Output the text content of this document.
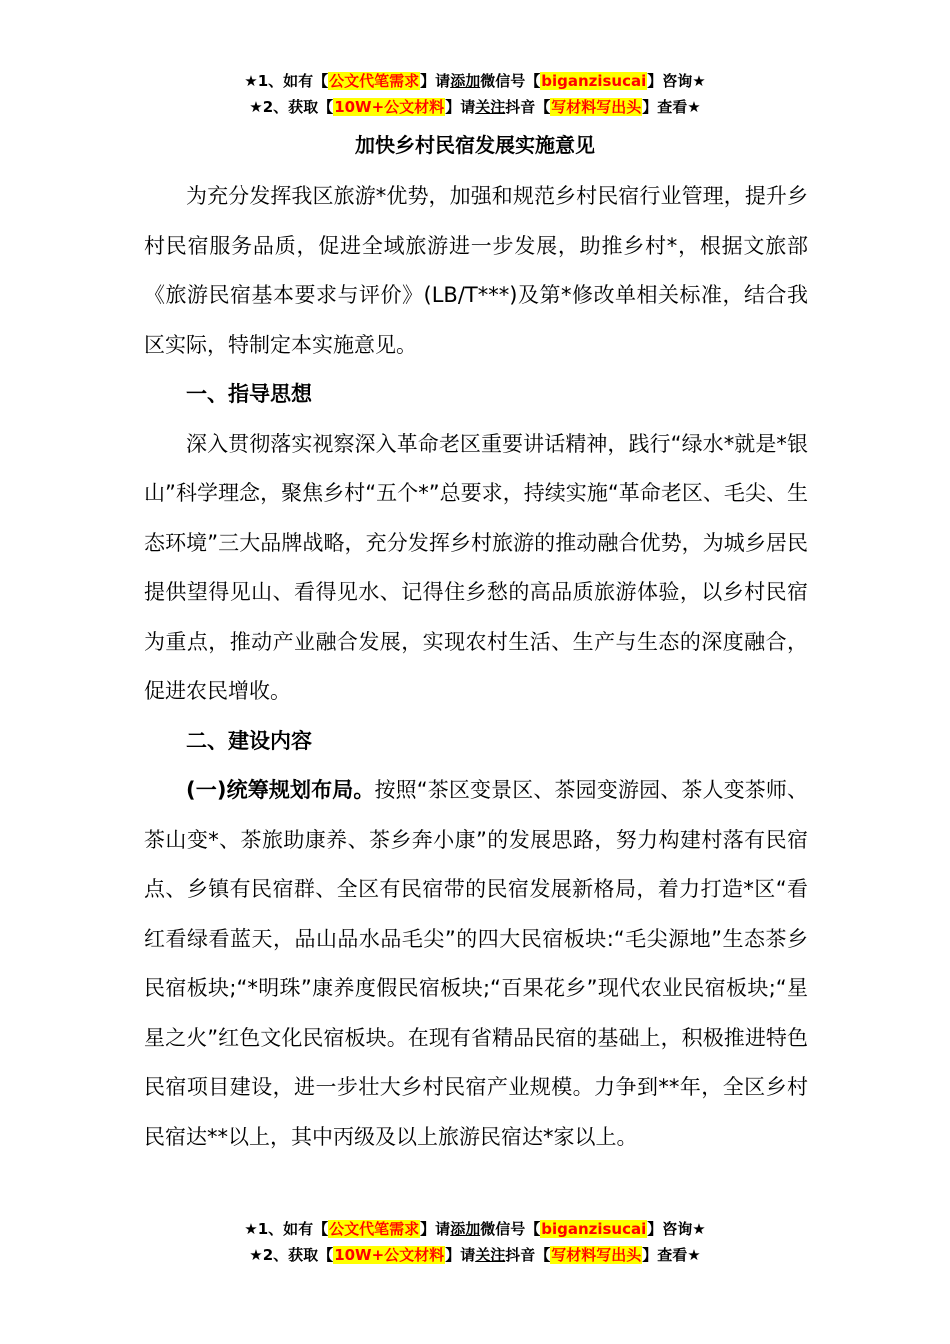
★1、如有【公文代笔需求】请添加微信号【biganzisucai】咨询★
★2、获取【10W+公文材料】请关注抖音【写材料写出头】查看★
加快乡村民宿发展实施意见

为充分发挥我区旅游*优势，加强和规范乡村民宿行业管理，提升乡村民宿服务品质，促进全域旅游进一步发展，助推乡村*，根据文旅部《旅游民宿基本要求与评价》(LB/T***)及第*修改单相关标准，结合我区实际，特制定本实施意见。

一、指导思想

深入贯彻落实视察深入革命老区重要讲话精神，践行“绿水*就是*银山”科学理念，聚焦乡村“五个*”总要求，持续实施“革命老区、毛尖、生态环境”三大品牌战略，充分发挥乡村旅游的推动融合优势，为城乡居民提供望得见山、看得见水、记得住乡愁的高品质旅游体验，以乡村民宿为重点，推动产业融合发展，实现农村生活、生产与生态的深度融合，促进农民增收。

二、建设内容

(一)统筹规划布局。按照“茶区变景区、茶园变游园、茶人变茶师、茶山变*、茶旅助康养、茶乡奔小康”的发展思路，努力构建村落有民宿点、乡镇有民宿群、全区有民宿带的民宿发展新格局，着力打造*区“看红看绿看蓝天，品山品水品毛尖”的四大民宿板块:“毛尖源地”生态茶乡民宿板块;“*明珠”康养度假民宿板块;“百果花乡”现代农业民宿板块;“星星之火”红色文化民宿板块。在现有省精品民宿的基础上，积极推进特色民宿项目建设，进一步壮大乡村民宿产业规模。力争到**年，全区乡村民宿达**以上，其中丙级及以上旅游民宿达*家以上。

★1、如有【公文代笔需求】请添加微信号【biganzisucai】咨询★
★2、获取【10W+公文材料】请关注抖音【写材料写出头】查看★
